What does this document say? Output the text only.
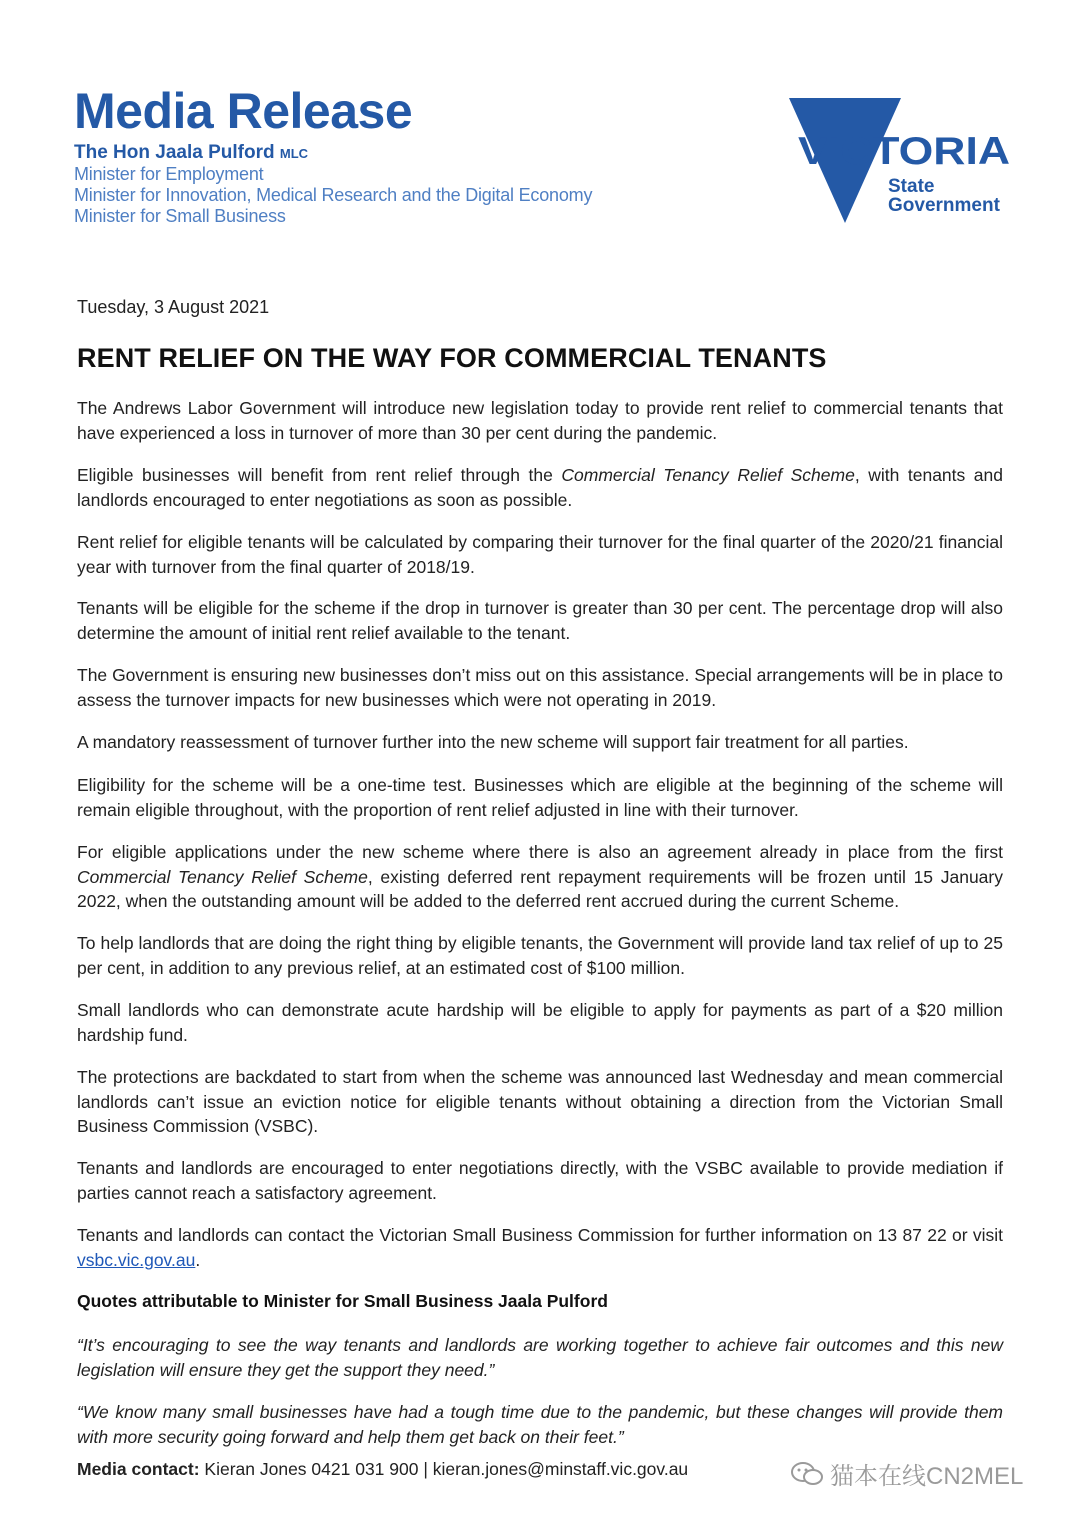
Media Release
The Hon Jaala Pulford MLC
Minister for Employment
Minister for Innovation, Medical Research and the Digital Economy
Minister for Small Business
VICTORIA
State
Government
Tuesday, 3 August 2021
RENT RELIEF ON THE WAY FOR COMMERCIAL TENANTS

The Andrews Labor Government will introduce new legislation today to provide rent relief to commercial tenants that have experienced a loss in turnover of more than 30 per cent during the pandemic.

Eligible businesses will benefit from rent relief through the Commercial Tenancy Relief Scheme, with tenants and landlords encouraged to enter negotiations as soon as possible.

Rent relief for eligible tenants will be calculated by comparing their turnover for the final quarter of the 2020/21 financial year with turnover from the final quarter of 2018/19.

Tenants will be eligible for the scheme if the drop in turnover is greater than 30 per cent. The percentage drop will also determine the amount of initial rent relief available to the tenant.

The Government is ensuring new businesses don’t miss out on this assistance. Special arrangements will be in place to assess the turnover impacts for new businesses which were not operating in 2019.

A mandatory reassessment of turnover further into the new scheme will support fair treatment for all parties.

Eligibility for the scheme will be a one-time test. Businesses which are eligible at the beginning of the scheme will remain eligible throughout, with the proportion of rent relief adjusted in line with their turnover.

For eligible applications under the new scheme where there is also an agreement already in place from the first Commercial Tenancy Relief Scheme, existing deferred rent repayment requirements will be frozen until 15 January 2022, when the outstanding amount will be added to the deferred rent accrued during the current Scheme.

To help landlords that are doing the right thing by eligible tenants, the Government will provide land tax relief of up to 25 per cent, in addition to any previous relief, at an estimated cost of $100 million.

Small landlords who can demonstrate acute hardship will be eligible to apply for payments as part of a $20 million hardship fund.

The protections are backdated to start from when the scheme was announced last Wednesday and mean commercial landlords can’t issue an eviction notice for eligible tenants without obtaining a direction from the Victorian Small Business Commission (VSBC).

Tenants and landlords are encouraged to enter negotiations directly, with the VSBC available to provide mediation if parties cannot reach a satisfactory agreement.

Tenants and landlords can contact the Victorian Small Business Commission for further information on 13 87 22 or visit vsbc.vic.gov.au.

Quotes attributable to Minister for Small Business Jaala Pulford

“It’s encouraging to see the way tenants and landlords are working together to achieve fair outcomes and this new legislation will ensure they get the support they need.”

“We know many small businesses have had a tough time due to the pandemic, but these changes will provide them with more security going forward and help them get back on their feet.”

Media contact: Kieran Jones 0421 031 900 | kieran.jones@minstaff.vic.gov.au	猫本在线CN2MEL
